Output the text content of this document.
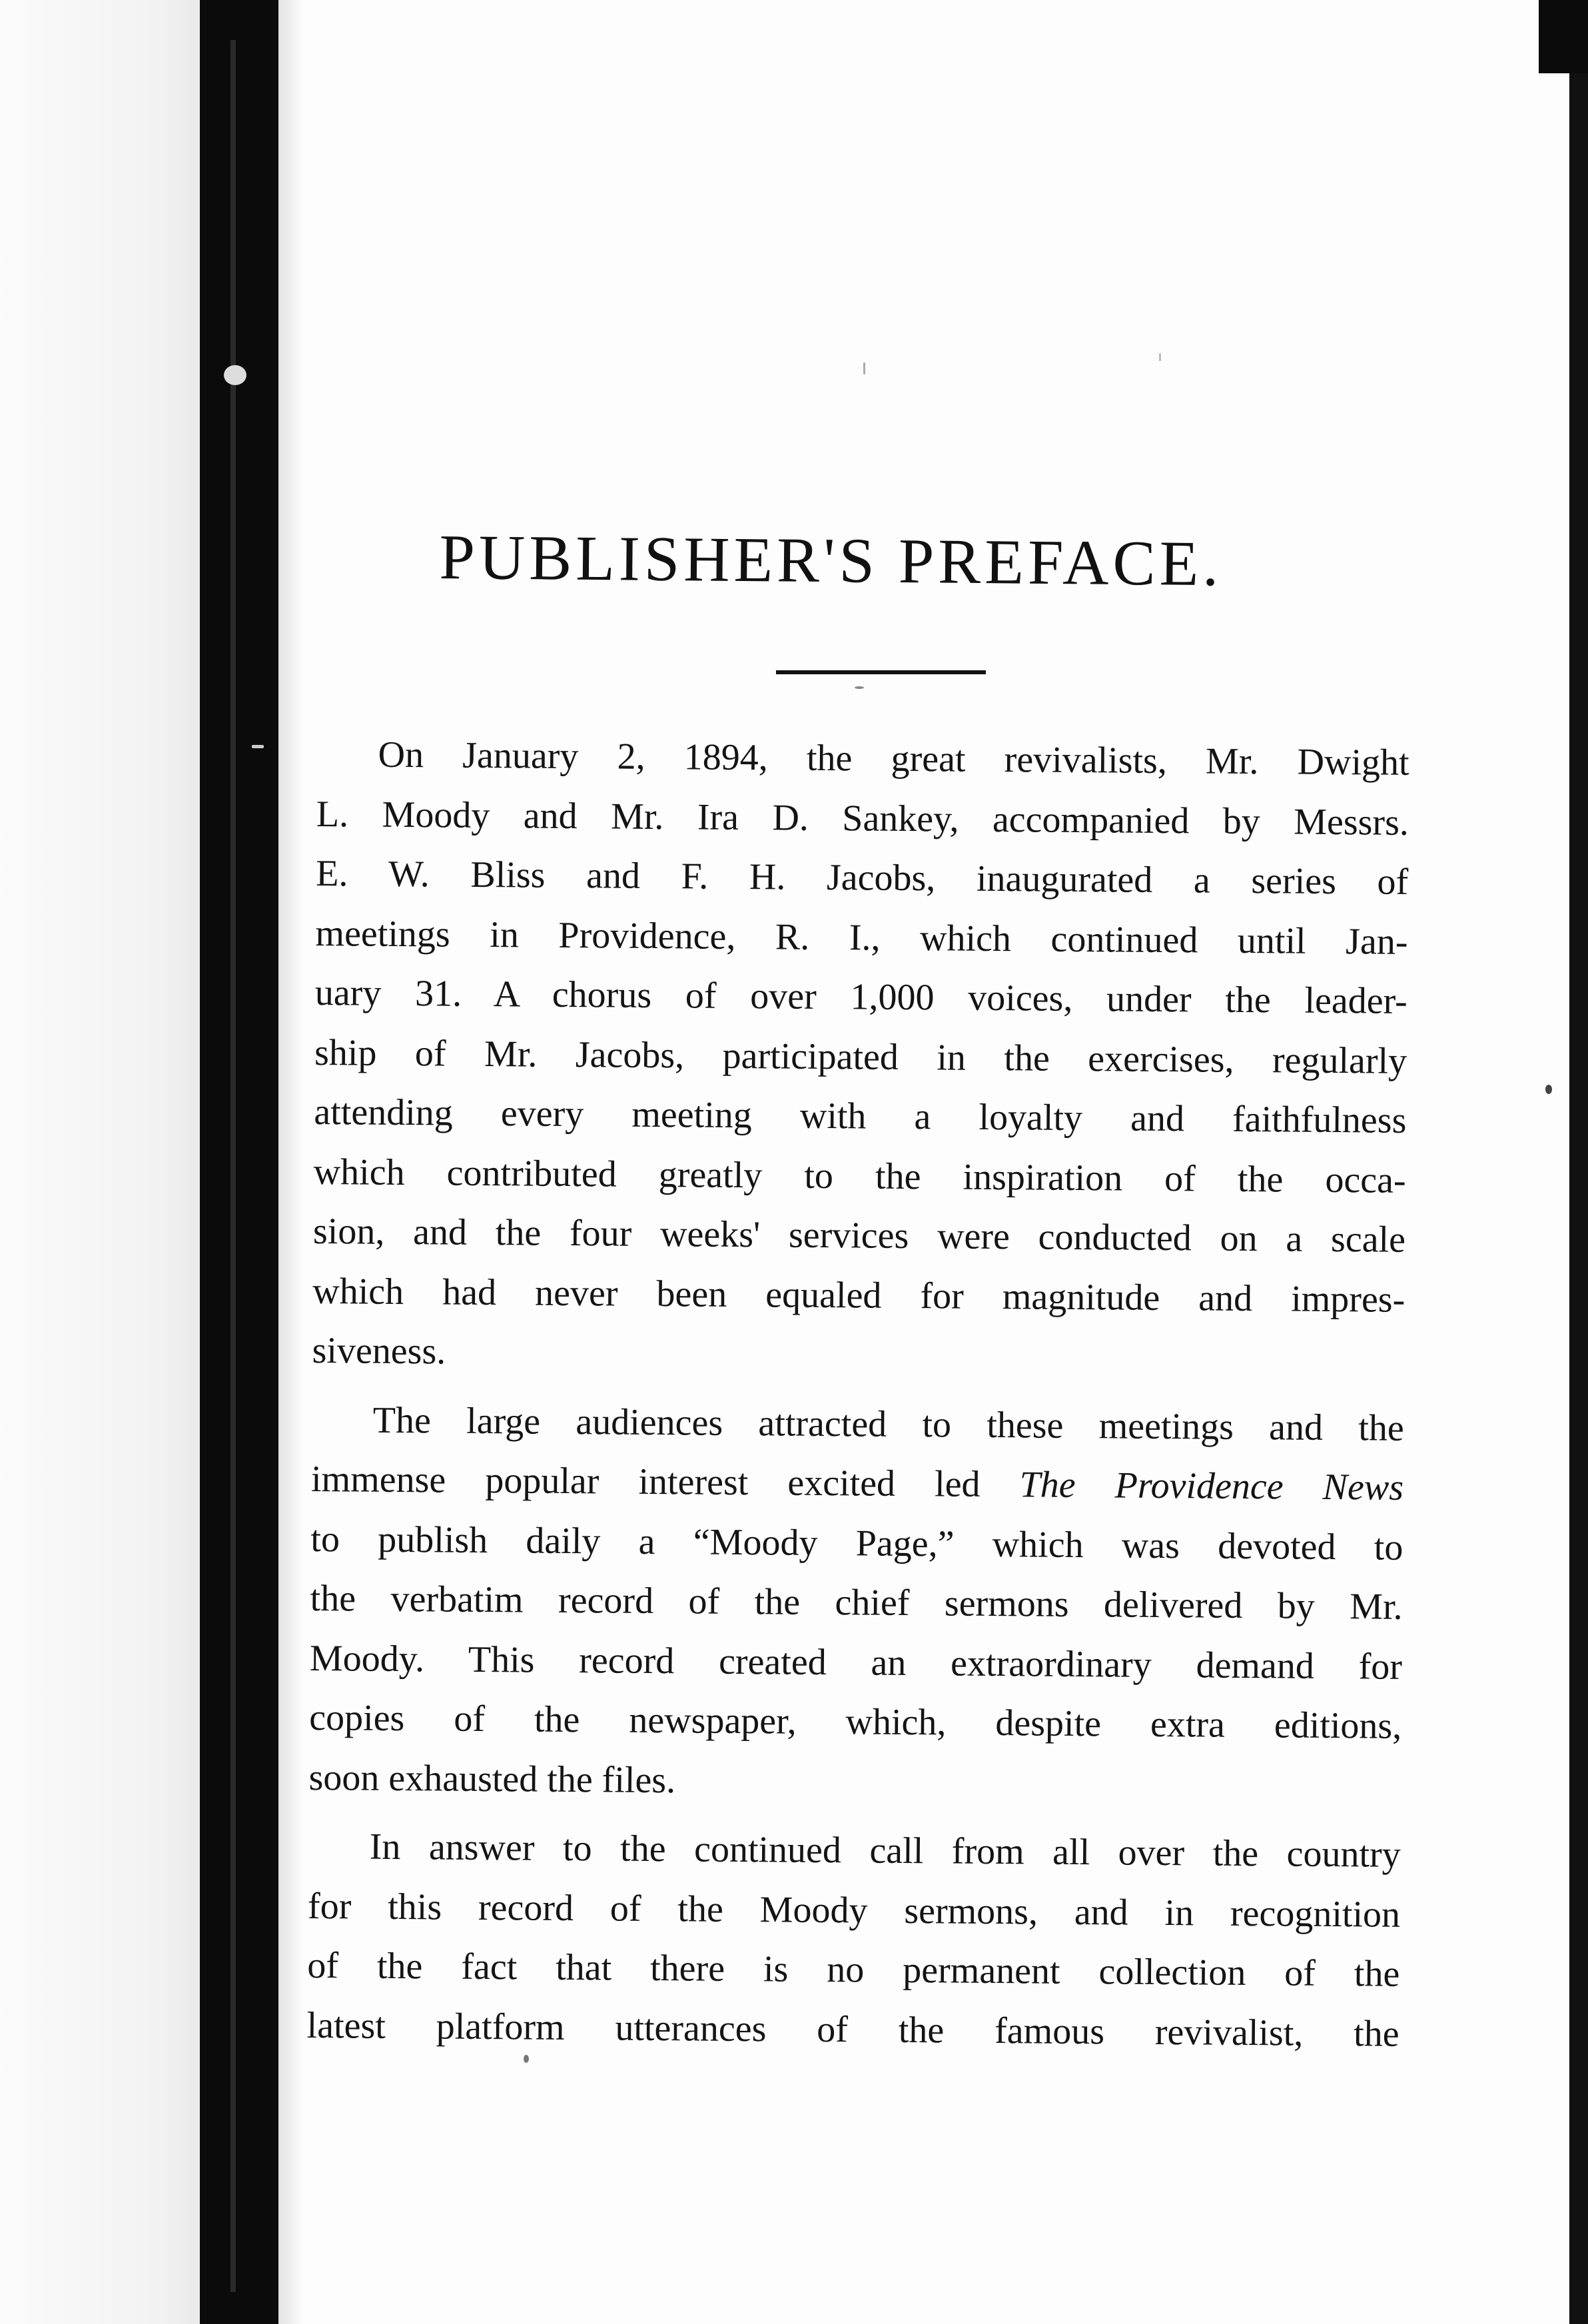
PUBLISHER'S PREFACE.
On January 2, 1894, the great revivalists, Mr. Dwight
L. Moody and Mr. Ira D. Sankey, accompanied by Messrs.
E. W. Bliss and F. H. Jacobs, inaugurated a series of
meetings in Providence, R. I., which continued until Jan-
uary 31. A chorus of over 1,000 voices, under the leader-
ship of Mr. Jacobs, participated in the exercises, regularly
attending every meeting with a loyalty and faithfulness
which contributed greatly to the inspiration of the occa-
sion, and the four weeks' services were conducted on a scale
which had never been equaled for magnitude and impres-
siveness.
The large audiences attracted to these meetings and the
immense popular interest excited led The Providence News
to publish daily a “Moody Page,” which was devoted to
the verbatim record of the chief sermons delivered by Mr.
Moody. This record created an extraordinary demand for
copies of the newspaper, which, despite extra editions,
soon exhausted the files.
In answer to the continued call from all over the country
for this record of the Moody sermons, and in recognition
of the fact that there is no permanent collection of the
latest platform utterances of the famous revivalist, the
